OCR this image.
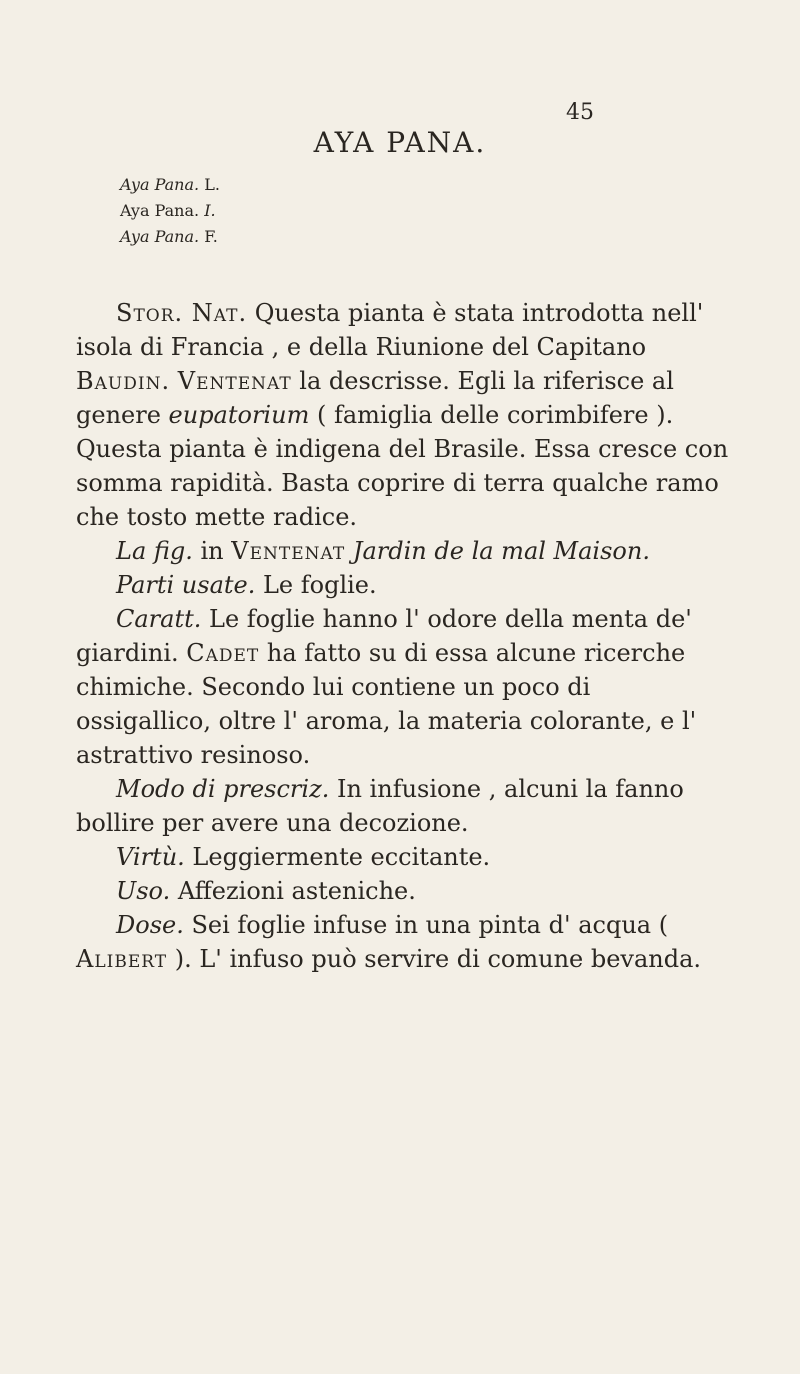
45
AYA PANA.
Aya Pana. L.
Aya Pana. I.
Aya Pana. F.

Stor. Nat. Questa pianta è stata introdotta nell' isola di Francia , e della Riunione del Capitano Baudin. Ventenat la descrisse. Egli la riferisce al genere eupatorium ( famiglia delle corimbifere ). Questa pianta è indigena del Brasile. Essa cresce con somma rapidità. Basta coprire di terra qualche ramo che tosto mette radice.

La fig. in Ventenat Jardin de la mal Maison.

Parti usate. Le foglie.

Caratt. Le foglie hanno l' odore della menta de' giardini. Cadet ha fatto su di essa alcune ricerche chimiche. Secondo lui contiene un poco di ossigallico, oltre l' aroma, la materia colorante, e l' astrattivo resinoso.

Modo di prescriz. In infusione , alcuni la fanno bollire per avere una decozione.

Virtù. Leggiermente eccitante.

Uso. Affezioni asteniche.

Dose. Sei foglie infuse in una pinta d' acqua ( Alibert ). L' infuso può servire di comune bevanda.
